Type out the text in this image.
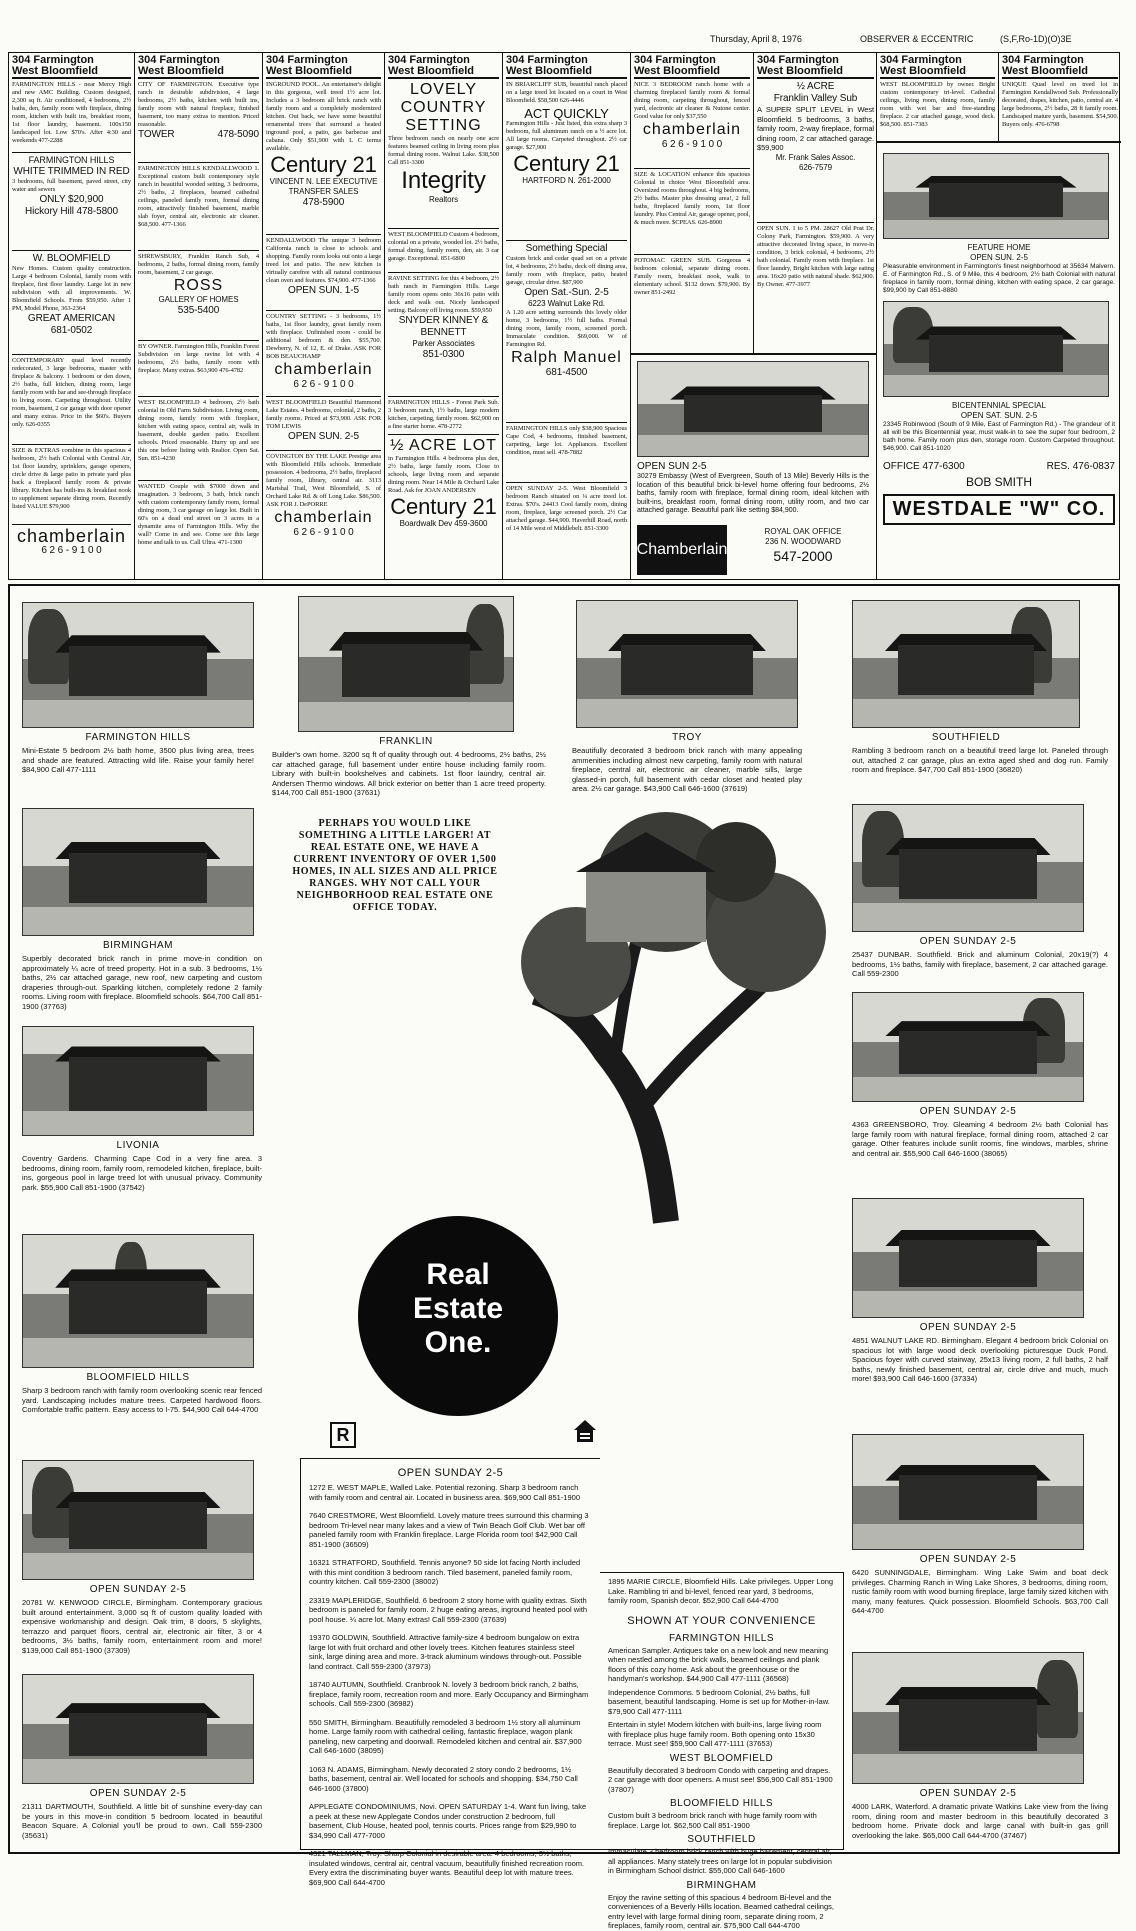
Thursday, April 8, 1976	OBSERVER & ECCENTRIC	(S,F,Ro-1D)(O)3E
304 Farmington
West Bloomfield
FARMINGTON HILLS - near Mercy High and new AMC Building. Custom designed, 2,300 sq ft. Air conditioned, 4 bedrooms, 2½ baths, den, family room with fireplace, dining room, kitchen with built ins, breakfast room, 1st floor laundry, basement. 100x150 landscaped lot. Low $70's. After 4:30 and weekends 477-2288
FARMINGTON HILLS
WHITE TRIMMED IN RED
3 bedrooms, full basement, paved street, city water and sewers
ONLY $20,900
Hickory Hill 478-5800
W. BLOOMFIELD
New Homes. Custom quality construction. Large 4 bedroom Colonial, family room with fireplace, first floor laundry. Large lot in new subdivision with all improvements. W. Bloomfield Schools. From $59,950. After 1 PM, Model Phone, 363-2364
GREAT AMERICAN
681-0502
CONTEMPORARY quad level recently redecorated, 3 large bedrooms, master with fireplace & balcony. 1 bedroom or den down, 2½ baths, full kitchen, dining room, large family room with bar and see-through fireplace to living room. Carpeting throughout. Utility room, basement, 2 car garage with door opener and many extras. Price in the $60's. Buyers only. 626-0355
SIZE & EXTRAS combine in this spacious 4 bedroom, 2½ bath Colonial with Central Air, 1st floor laundry, sprinklers, garage openers, circle drive & large patio in private yard plus back a fireplaced family room & private library. Kitchen has built-ins & breakfast nook to supplement separate dining room. Recently listed VALUE $79,900
chamberlain
6 2 6 - 9 1 0 0
304 Farmington
West Bloomfield
CITY OF FARMINGTON. Executive type ranch in desirable subdivision, 4 large bedrooms, 2½ baths, kitchen with built ins, family room with natural fireplace, finished basement, too many extras to mention. Priced reasonable.
TOWER	478-5090
FARMINGTON HILLS KENDALLWOOD 1. Exceptional custom built contemporary style ranch in beautiful wooded setting, 3 bedrooms, 2½ baths, 2 fireplaces, beamed cathedral ceilings, paneled family room, formal dining room, attractively finished basement, marble slab foyer, central air, electronic air cleaner. $68,500. 477-1366
SHREWSBURY, Franklin Ranch Sub, 4 bedrooms, 2 baths, formal dining room, family room, basement, 2 car garage.
ROSS
GALLERY OF HOMES
535-5400
BY OWNER. Farmington Hills, Franklin Forest Subdivision on large ravine lot with 4 bedrooms, 2½ baths, family room with fireplace. Many extras. $63,900 476-4782
WEST BLOOMFIELD 4 bedroom, 2½ bath colonial in Old Farm Subdivision. Living room, dining room, family room with fireplace, kitchen with eating space, central air, walk in basement, double garden patio. Excellent schools. Priced reasonable. Hurry up and see this one before listing with Realtor. Open Sat. Sun. 851-4230
WANTED Couple with $7000 down and imagination. 3 bedroom, 3 bath, brick ranch with custom contemporary family room, formal dining room, 3 car garage on large lot. Built in 60's on a dead end street on 3 acres in a dynamite area of Farmington Hills. Why the wall? Come in and see. Come see this large home and talk to us. Call Ultra. 471-1300
304 Farmington
West Bloomfield
INGROUND POOL. An entertainer's delight in this gorgeous, well treed 1½ acre lot. Includes a 3 bedroom all brick ranch with family room and a completely modernized kitchen. Out back, we have some beautiful ornamental trees that surround a heated inground pool, a patio, gas barbecue and cabana. Only $51,900 with L C terms available.
Century 21
VINCENT N. LEE EXECUTIVE TRANSFER SALES
478-5900
KENDALLWOOD The unique 3 bedroom California ranch is close to schools and shopping. Family room looks out onto a large treed lot and patio. The new kitchen is virtually carefree with all natural continuous clean oven and features. $74,900. 477-1366
OPEN SUN. 1-5
COUNTRY SETTING - 3 bedrooms, 1½ baths, 1st floor laundry, great family room with fireplace. Unfinished room - could be additional bedroom & den. $55,700. Dewberry, N. of 12, E. of Drake. ASK FOR BOB BEAUCHAMP
chamberlain
6 2 6 - 9 1 0 0
WEST BLOOMFIELD Beautiful Hammond Lake Estates. 4 bedrooms, colonial, 2 baths, 2 family rooms. Priced at $73,900. ASK FOR TOM LEWIS
OPEN SUN. 2-5
COVINGTON BY THE LAKE Prestige area with Bloomfield Hills schools. Immediate possession. 4 bedrooms, 2½ baths, fireplaced family room, library, central air. 3113 Marishal Trail, West Bloomfield, S. of Orchard Lake Rd. & off Long Lake. $86,500. ASK FOR J. DePORRE
chamberlain
6 2 6 - 9 1 0 0
304 Farmington
West Bloomfield
LOVELY COUNTRY SETTING
Three bedroom ranch on nearly one acre features beamed ceiling in living room plus formal dining room. Walnut Lake. $38,500 Call 851-3300
Integrity
Realtors
WEST BLOOMFIELD Custom 4 bedroom, colonial on a private, wooded lot. 2½ baths, formal dining, family room, den, air. 3 car garage. Exceptional. 851-6800
RAVINE SETTING for this 4 bedroom, 2½ bath ranch in Farmington Hills. Large family room opens onto 36x16 patio with deck and walk out. Nicely landscaped setting. Balcony off living room. $59,950
SNYDER KINNEY & BENNETT
Parker Associates
851-0300
FARMINGTON HILLS - Forest Park Sub. 3 bedroom ranch, 1½ baths, large modern kitchen, carpeting, family room. $62,900 on a fine starter home. 478-2772
½ ACRE LOT
in Farmington Hills. 4 bedrooms plus den, 2½ baths, large family room. Close to schools, large living room and separate dining room. Near 14 Mile & Orchard Lake Road. Ask for JOAN ANDERSEN
Century 21
Boardwalk Dev 459-3600
304 Farmington
West Bloomfield
IN BRIARCLIFF SUB, beautiful ranch placed on a large treed lot located on a court in West Bloomfield. $58,500 626-4446
ACT QUICKLY
Farmington Hills - Just listed, this extra sharp 3 bedroom, full aluminum ranch on a ½ acre lot. All large rooms. Carpeted throughout. 2½ car garage. $27,900
Century 21
HARTFORD N. 261-2000
Something Special
Custom brick and cedar quad set on a private lot, 4 bedrooms, 2½ baths, deck off dining area, family room with fireplace, patio, heated garage, circular drive. $87,900
Open Sat.-Sun. 2-5
6223 Walnut Lake Rd.
A 1.20 acre setting surrounds this lovely older home, 3 bedrooms, 1½ full baths. Formal dining room, family room, screened porch. Immaculate condition. $69,000. W of Farmington Rd.
Ralph Manuel
681-4500
FARMINGTON HILLS only $38,900 Spacious Cape Cod, 4 bedrooms, finished basement, carpeting, large lot. Appliances. Excellent condition, must sell. 478-7882
OPEN SUNDAY 2-5. West Bloomfield 3 bedroom Ranch situated on ¼ acre treed lot. Extras. $70's. 24413 Cool family room, dining room, fireplace, large screened porch. 2½ Car attached garage. $44,900. Haverhill Road, north of 14 Mile west of Middlebelt. 851-3300
304 Farmington
West Bloomfield
NICE 3 BEDROOM ranch home with a charming fireplaced family room & formal dining room, carpeting throughout, fenced yard, electronic air cleaner & Nutone center. Good value for only $37,550
chamberlain
6 2 6 - 9 1 0 0
SIZE & LOCATION enhance this spacious Colonial in choice West Bloomfield area. Oversized rooms throughout. 4 big bedrooms, 2½ baths. Master plus dressing area!, 2 full baths, fireplaced family room, 1st floor laundry. Plus Central Air, garage opener, pool, & much more. $CPEAS. 626-8900
POTOMAC GREEN SUB. Gorgeous 4 bedroom colonial, separate dining room. Family room, breakfast nook, walk to elementary school. $132 down. $79,900. By owner 851-2492
304 Farmington
West Bloomfield
½ ACRE
Franklin Valley Sub
A SUPER SPLIT LEVEL in West Bloomfield. 5 bedrooms, 3 baths, family room, 2-way fireplace, formal dining room, 2 car attached garage. $59,900
Mr. Frank Sales Assoc.
626-7579
OPEN SUN. 1 to 5 PM. 28627 Old Post Dr. Colony Park, Farmington. $59,900. A very attractive decorated living space, in move-in condition, 3 brick colonial, 4 bedrooms, 2½ bath colonial. Family room with fireplace. 1st floor laundry, Bright kitchen with large eating area. 16x20 patio with natural shade. $62,900. By Owner. 477-3977
OPEN SUN 2-5
30279 Embassy (West of Evergreen, South of 13 Mile) Beverly Hills is the location of this beautiful brick bi-level home offering four bedrooms, 2½ baths, family room with fireplace, formal dining room, ideal kitchen with built-ins, breakfast room, formal dining room, utility room, and two car attached garage. Beautiful park like setting $84,900.
Chamberlain
ROYAL OAK OFFICE
236 N. WOODWARD
547-2000
304 Farmington
West Bloomfield
WEST BLOOMFIELD by owner. Bright custom contemporary tri-level. Cathedral ceilings, living room, dining room, family room with wet bar and free-standing fireplace. 2 car attached garage, wood deck. $68,500. 851-7383
304 Farmington
West Bloomfield
UNIQUE Quad level on treed lot in Farmington Kendallwood Sub. Professionally decorated, drapes, kitchen, patio, central air. 4 large bedrooms, 2½ baths, 28 ft family room. Landscaped mature yards, basement. $54,500. Buyers only. 476-6798
FEATURE HOME
OPEN SUN. 2-5
Pleasurable environment in Farmington's finest neighborhood at 35634 Malvern. E. of Farmington Rd., S. of 9 Mile, this 4 bedroom, 2½ bath Colonial with natural fireplace in family room, formal dining, kitchen with eating space, 2 car garage. $99,900 by Call 851-8880
BICENTENNIAL SPECIAL
OPEN SAT. SUN. 2-5
23345 Robinwood (South of 9 Mile, East of Farmington Rd.) - The grandeur of it all will be this Bicentennial year, must walk-in to see the super four bedroom, 2 bath home. Family room plus den, storage room. Custom Carpeted throughout. $46,900. Call 851-1020
OFFICE 477-6300	RES. 476-0837
BOB SMITH
WESTDALE "W" CO.
FARMINGTON HILLS
Mini-Estate 5 bedroom 2½ bath home, 3500 plus living area, trees and shade are featured. Attracting wild life. Raise your family here! $84,900 Call 477-1111
FRANKLIN
Builder's own home. 3200 sq ft of quality through out. 4 bedrooms, 2½ baths, 2½ car attached garage, full basement under entire house including family room. Library with built-in bookshelves and cabinets. 1st floor laundry, central air. Andersen Thermo windows. All brick exterior on better than 1 acre treed property. $144,700 Call 851-1900 (37631)
TROY
Beautifully decorated 3 bedroom brick ranch with many appealing ammenities including almost new carpeting, family room with natural fireplace, central air, electronic air cleaner, marble sills, large glassed-in porch, full basement with cedar closet and heated play area. 2½ car garage. $43,900 Call 646-1600 (37619)
SOUTHFIELD
Rambling 3 bedroom ranch on a beautiful treed large lot. Paneled through out, attached 2 car garage, plus an extra aged shed and dog run. Family room and fireplace. $47,700 Call 851-1900 (36820)
BIRMINGHAM
Superbly decorated brick ranch in prime move-in condition on approximately ¼ acre of treed property. Hot in a sub. 3 bedrooms, 1½ baths, 2½ car attached garage, new roof, new carpeting and custom draperies through-out. Sparkling kitchen, completely redone 2 family rooms. Living room with fireplace. Bloomfield schools. $64,700 Call 851-1900 (37763)
LIVONIA
Coventry Gardens. Charming Cape Cod in a very fine area. 3 bedrooms, dining room, family room, remodeled kitchen, fireplace, built-ins, gorgeous pool in large treed lot with unusual privacy. Community park. $55,900 Call 851-1900 (37542)
BLOOMFIELD HILLS
Sharp 3 bedroom ranch with family room overlooking scenic rear fenced yard. Landscaping includes mature trees. Carpeted hardwood floors. Comfortable traffic pattern. Easy access to I-75. $44,900 Call 644-4700
OPEN SUNDAY 2-5
20781 W. KENWOOD CIRCLE, Birmingham. Contemporary gracious built around entertainment. 3,000 sq ft of custom quality loaded with expensive workmanship and design. Oak trim, 8 doors, 5 skylights, terrazzo and parquet floors, central air, electronic air filter, 3 or 4 bedrooms, 3½ baths, family room, entertainment room and more! $139,000 Call 851-1900 (37309)
OPEN SUNDAY 2-5
21311 DARTMOUTH, Southfield. A little bit of sunshine every-day can be yours in this move-in condition 5 bedroom located in beautiful Beacon Square. A Colonial you'll be proud to own. Call 559-2300 (35631)
OPEN SUNDAY 2-5
25437 DUNBAR. Southfield. Brick and aluminum Colonial, 20x19(?) 4 bedrooms, 1½ baths, family with fireplace, basement, 2 car attached garage. Call 559-2300
OPEN SUNDAY 2-5
4363 GREENSBORO, Troy. Gleaming 4 bedroom 2½ bath Colonial has large family room with natural fireplace, formal dining room, attached 2 car garage. Other features include sunlit rooms, fine windows, marbles, shrine and central air. $55,900 Call 646-1600 (38065)
OPEN SUNDAY 2-5
4851 WALNUT LAKE RD. Birmingham. Elegant 4 bedroom brick Colonial on spacious lot with large wood deck overlooking picturesque Duck Pond. Spacious foyer with curved stairway, 25x13 living room, 2 full baths, 2 half baths, newly finished basement, central air, circle drive and much, much more! $93,900 Call 646-1600 (37334)
OPEN SUNDAY 2-5
6420 SUNNINGDALE, Birmingham. Wing Lake Swim and boat deck privileges. Charming Ranch in Wing Lake Shores, 3 bedrooms, dining room, rustic family room with wood burning fireplace, large family sized kitchen with many, many features. Quick possession. Bloomfield Schools. $63,700 Call 644-4700
OPEN SUNDAY 2-5
4000 LARK, Waterford. A dramatic private Watkins Lake view from the living room, dining room and master bedroom in this beautifully decorated 3 bedroom home. Private dock and large canal with built-in gas grill overlooking the lake. $65,000 Call 644-4700 (37467)
PERHAPS YOU WOULD LIKE SOMETHING A LITTLE LARGER! AT REAL ESTATE ONE, WE HAVE A CURRENT INVENTORY OF OVER 1,500 HOMES, IN ALL SIZES AND ALL PRICE RANGES. WHY NOT CALL YOUR NEIGHBORHOOD REAL ESTATE ONE OFFICE TODAY.
Real
Estate
One.
R
OPEN SUNDAY 2-5
1272 E. WEST MAPLE, Walled Lake. Potential rezoning. Sharp 3 bedroom ranch with family room and central air. Located in business area. $69,900 Call 851-1900
7640 CRESTMORE, West Bloomfield. Lovely mature trees surround this charming 3 bedroom Tri-level near many lakes and a view of Twin Beach Golf Club. Wet bar off paneled family room with Franklin fireplace. Large Florida room too! $42,900 Call 851-1900 (36509)
16321 STRATFORD, Southfield. Tennis anyone? 50 side lot facing North included with this mint condition 3 bedroom ranch. Tiled basement, paneled family room, country kitchen. Call 559-2300 (38002)
23319 MAPLERIDGE, Southfield. 6 bedroom 2 story home with quality extras. Sixth bedroom is paneled for family room. 2 huge eating areas, inground heated pool with pool house. ¼ acre lot. Many extras! Call 559-2300 (37639)
19370 GOLDWIN, Southfield. Attractive family-size 4 bedroom bungalow on extra large lot with fruit orchard and other lovely trees. Kitchen features stainless steel sink, large dining area and more. 3-track aluminum windows through-out. Possible land contract. Call 559-2300 (37973)
18740 AUTUMN, Southfield. Cranbrook N. lovely 3 bedroom brick ranch, 2 baths, fireplace, family room, recreation room and more. Early Occupancy and Birmingham schools. Call 559-2300 (36982)
550 SMITH, Birmingham. Beautifully remodeled 3 bedroom 1½ story all aluminum home. Large family room with cathedral ceiling, fantastic fireplace, wagon plank paneling, new carpeting and doorwall. Remodeled kitchen and central air. $37,900 Call 646-1600 (38095)
1063 N. ADAMS, Birmingham. Newly decorated 2 story condo 2 bedrooms, 1½ baths, basement, central air. Well located for schools and shopping. $34,750 Call 646-1600 (37800)
APPLEGATE CONDOMINIUMS, Novi. OPEN SATURDAY 1-4. Want fun living, take a peek at these new Applegate Condos under construction 2 bedroom, full basement, Club House, heated pool, tennis courts. Prices range from $29,990 to $34,990 Call 477-7000
4321 TALLMAN, Troy. Sharp Colonial in desirable area. 4 bedrooms, 3½ baths, insulated windows, central air, central vacuum, beautifully finished recreation room. Every extra the discriminating buyer wants. Beautiful deep lot with mature trees. $69,900 Call 644-4700
1895 MARIE CIRCLE, Bloomfield Hills. Lake privileges. Upper Long Lake. Rambling tri and bi-level, fenced rear yard, 3 bedrooms, family room, Spanish decor. $52,900 Call 644-4700
SHOWN AT YOUR CONVENIENCE
FARMINGTON HILLS
American Sampler. Antiques take on a new look and new meaning when nestled among the brick walls, beamed ceilings and plank floors of this cozy home. Ask about the greenhouse or the handyman's workshop. $44,900 Call 477-1111 (36568)
Independence Commons. 5 bedroom Colonial, 2½ baths, full basement, beautiful landscaping. Home is set up for Mother-in-law. $79,900 Call 477-1111
Entertain in style! Modern kitchen with built-ins, large living room with fireplace plus huge family room. Both opening onto 15x30 terrace. Must see! $59,900 Call 477-1111 (37653)
WEST BLOOMFIELD
Beautifully decorated 3 bedroom Condo with carpeting and drapes. 2 car garage with door openers. A must see! $56,900 Call 851-1900 (37807)
BLOOMFIELD HILLS
Custom built 3 bedroom brick ranch with huge family room with fireplace. Large lot. $62,500 Call 851-1900
SOUTHFIELD
Immaculate 3 bedroom brick ranch with huge basement, central air, all appliances. Many stately trees on large lot in popular subdivision in Birmingham School district. $55,000 Call 646-1600
BIRMINGHAM
Enjoy the ravine setting of this spacious 4 bedroom Bi-level and the conveniences of a Beverly Hills location. Beamed cathedral ceilings, entry level with large formal dining room, separate dining room, 2 fireplaces, family room, central air. $75,900 Call 644-4700
